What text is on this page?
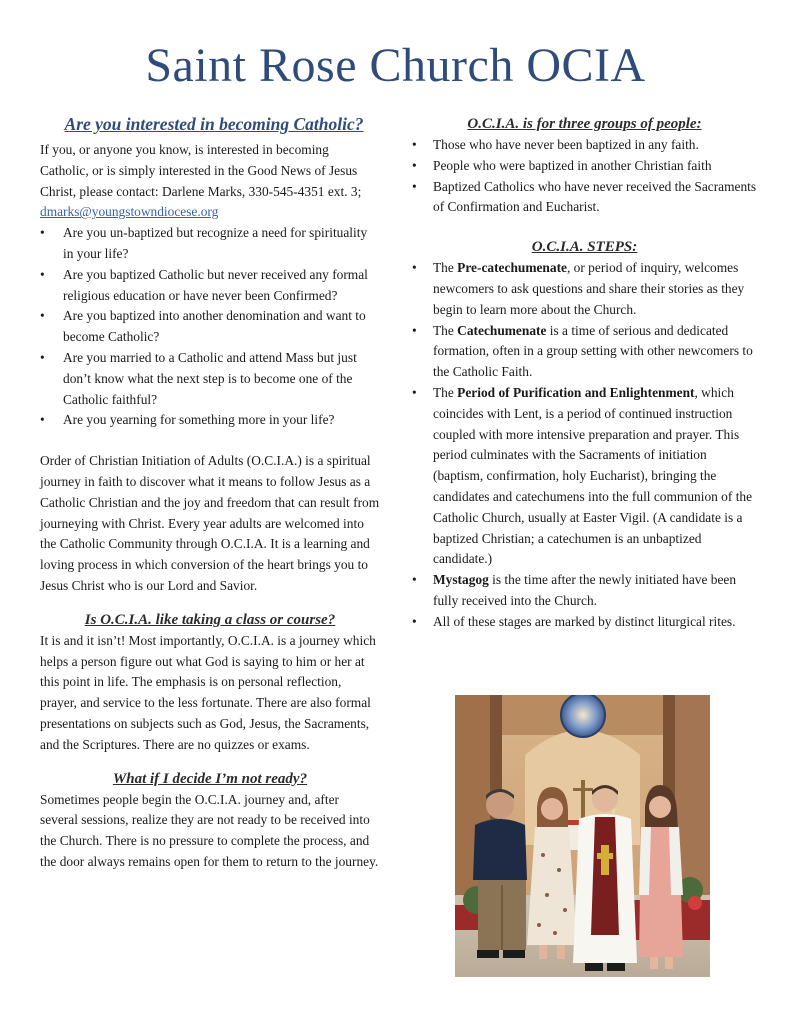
Saint Rose Church OCIA
Are you interested in becoming Catholic?

If you, or anyone you know, is interested in becoming Catholic, or is simply interested in the Good News of Jesus Christ, please contact: Darlene Marks, 330-545-4351 ext. 3; dmarks@youngstowndiocese.org

• Are you un-baptized but recognize a need for spirituality in your life?
• Are you baptized Catholic but never received any formal religious education or have never been Confirmed?
• Are you baptized into another denomination and want to become Catholic?
• Are you married to a Catholic and attend Mass but just don’t know what the next step is to become one of the Catholic faithful?
• Are you yearning for something more in your life?

Order of Christian Initiation of Adults (O.C.I.A.) is a spiritual journey in faith to discover what it means to follow Jesus as a Catholic Christian and the joy and freedom that can result from journeying with Christ. Every year adults are welcomed into the Catholic Community through O.C.I.A. It is a learning and loving process in which conversion of the heart brings you to Jesus Christ who is our Lord and Savior.

Is O.C.I.A. like taking a class or course?

It is and it isn’t! Most importantly, O.C.I.A. is a journey which helps a person figure out what God is saying to him or her at this point in life. The emphasis is on personal reflection, prayer, and service to the less fortunate. There are also formal presentations on subjects such as God, Jesus, the Sacraments, and the Scriptures. There are no quizzes or exams.

What if I decide I’m not ready?

Sometimes people begin the O.C.I.A. journey and, after several sessions, realize they are not ready to be received into the Church. There is no pressure to complete the process, and the door always remains open for them to return to the journey.

O.C.I.A. is for three groups of people:
• Those who have never been baptized in any faith.
• People who were baptized in another Christian faith
• Baptized Catholics who have never received the Sacraments of Confirmation and Eucharist.
O.C.I.A. STEPS:
• The Pre-catechumenate, or period of inquiry, welcomes newcomers to ask questions and share their stories as they begin to learn more about the Church.
• The Catechumenate is a time of serious and dedicated formation, often in a group setting with other newcomers to the Catholic Faith.
• The Period of Purification and Enlightenment, which coincides with Lent, is a period of continued instruction coupled with more intensive preparation and prayer. This period culminates with the Sacraments of initiation (baptism, confirmation, holy Eucharist), bringing the candidates and catechumens into the full communion of the Catholic Church, usually at Easter Vigil. (A candidate is a baptized Christian; a catechumen is an unbaptized candidate.)
• Mystagog is the time after the newly initiated have been fully received into the Church.
• All of these stages are marked by distinct liturgical rites.
